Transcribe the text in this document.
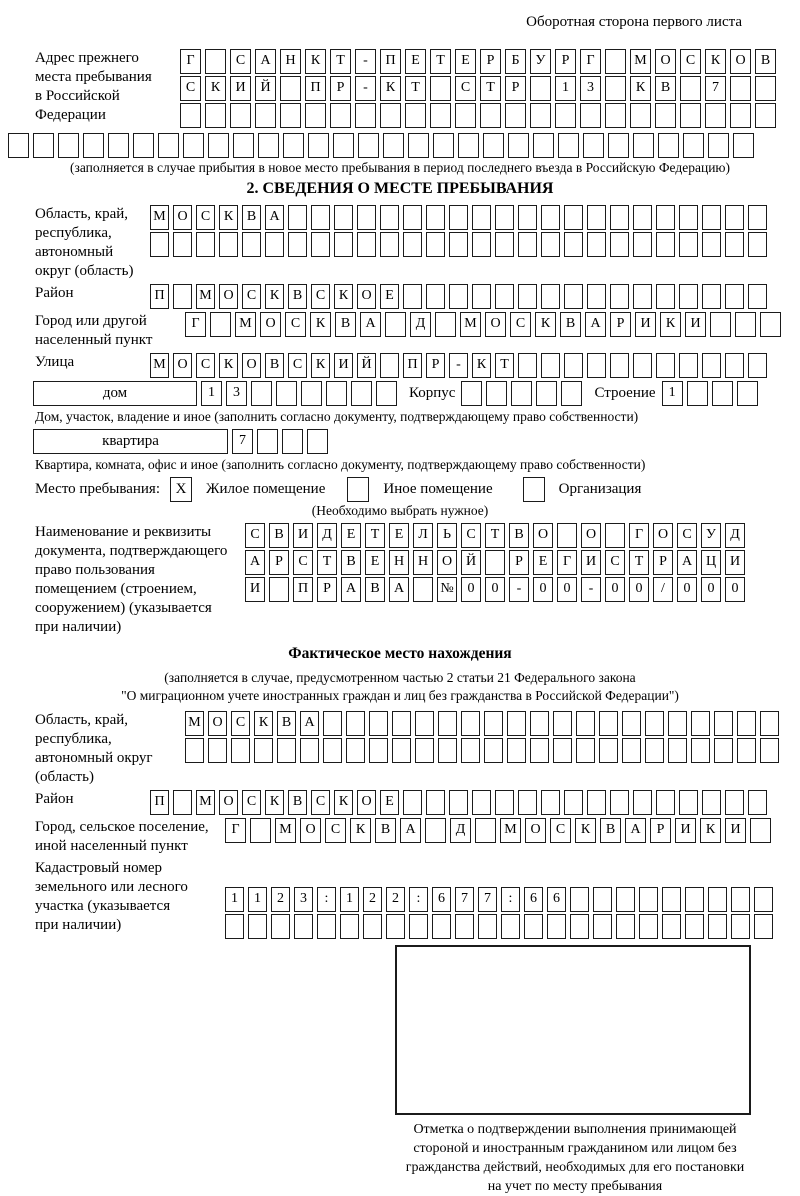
Оборотная сторона первого листа
Адрес прежнего
места пребывания
в Российской
Федерации
Г	С	А	Н	К	Т	-	П	Е	Т	Е	Р	Б	У	Р	Г	М О	С	К	О	В
С	К	И	Й	П	Р	-	К	Т	С	Т	Р	1	3	К	В	7
(заполняется в случае прибытия в новое место пребывания в период последнего въезда в Российскую Федерацию)
2. СВЕДЕНИЯ О МЕСТЕ ПРЕБЫВАНИЯ
Область, край,
республика,
автономный
округ (область)
М О С К В А
Район	П	М О С К В С К О Е
Город или другой
населенный пункт
Г	М О	С	К	В	А	Д	М О	С	К	В	А	Р	И	К	И
Улица	М О С К О В С К И Й	П	Р	-	К	Т
дом	1	3	Корпус	Строение 1
Дом, участок, владение и иное (заполнить согласно документу, подтверждающему право собственности)
квартира	7
Квартира, комната, офис и иное (заполнить согласно документу, подтверждающему право собственности)
Место пребывания:	X	Жилое помещение	Иное помещение	Организация
(Необходимо выбрать нужное)
Наименование и реквизиты
документа, подтверждающего
право пользования
помещением (строением,
сооружением) (указывается
при наличии)
С	В	И	Д	Е	Т	Е	Л	Ь	С	Т	В	О	О	Г	О	С	У	Д
А	Р	С	Т	В	Е	Н Н О Й	Р	Е	Г	И	С	Т	Р	А Ц И
И	П	Р	А	В	А	№ 0	0	-	0	0	-	0	0	/	0	0	0
Фактическое место нахождения
(заполняется в случае, предусмотренном частью 2 статьи 21 Федерального закона
"О миграционном учете иностранных граждан и лиц без гражданства в Российской Федерации")
Область, край,
республика,
автономный округ
(область)
М О С К В А
Район	П	М О С К В С К О Е
Город, сельское поселение,
иной населенный пункт
Г	М О	С	К	В	А	Д	М О	С	К	В	А	Р	И	К	И
Кадастровый номер
земельного или лесного
участка (указывается
при наличии)
1	1	2	3	:	1	2	2	:	6	7	7	:	6	6
Отметка о подтверждении выполнения принимающей
стороной и иностранным гражданином или лицом без
гражданства действий, необходимых для его постановки
на учет по месту пребывания
